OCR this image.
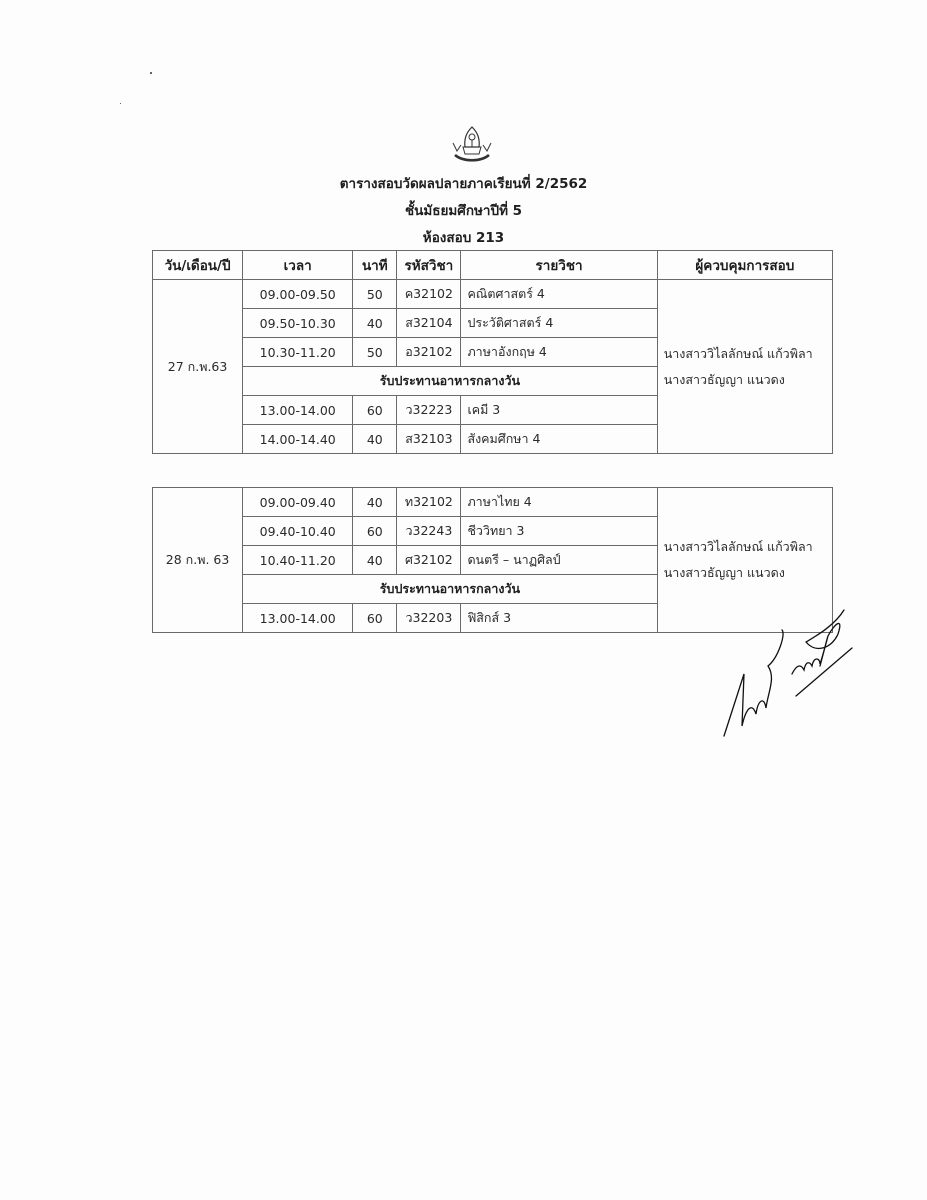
ตารางสอบวัดผลปลายภาคเรียนที่ 2/2562
ชั้นมัธยมศึกษาปีที่ 5
ห้องสอบ 213
วัน/เดือน/ปี	เวลา	นาที	รหัสวิชา	รายวิชา	ผู้ควบคุมการสอบ
27 ก.พ.63	09.00-09.50	50	ค32102	คณิตศาสตร์ 4	นางสาววิไลลักษณ์ แก้วพิลา
นางสาวธัญญา แนวดง

	09.50-10.30	40	ส32104	ประวัติศาสตร์ 4	
	10.30-11.20	50	อ32102	ภาษาอังกฤษ 4	
	รับประทานอาหารกลางวัน				
	13.00-14.00	60	ว32223	เคมี 3	
	14.00-14.40	40	ส32103	สังคมศึกษา 4	
28 ก.พ. 63	09.00-09.40	40	ท32102	ภาษาไทย 4	นางสาววิไลลักษณ์ แก้วพิลา
นางสาวธัญญา แนวดง

	09.40-10.40	60	ว32243	ชีววิทยา 3	
	10.40-11.20	40	ศ32102	ดนตรี – นาฏศิลป์	
	รับประทานอาหารกลางวัน				
	13.00-14.00	60	ว32203	ฟิสิกส์ 3	
